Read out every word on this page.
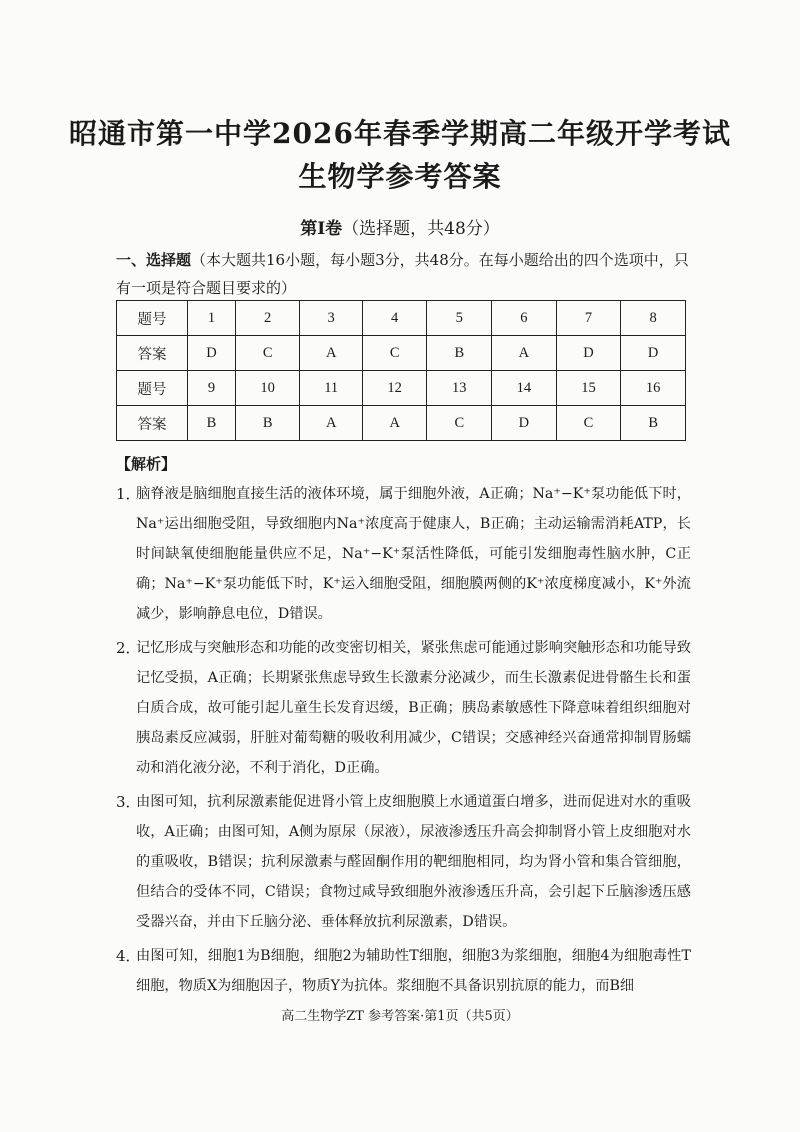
昭通市第一中学2026年春季学期高二年级开学考试
生物学参考答案
第Ⅰ卷（选择题，共48分）
一、选择题（本大题共16小题，每小题3分，共48分。在每小题给出的四个选项中，只有一项是符合题目要求的）
题号	1	2	3	4	5	6	7	8
答案	D	C	A	C	B	A	D	D
题号	9	10	11	12	13	14	15	16
答案	B	B	A	A	C	D	C	B
【解析】
1．
脑脊液是脑细胞直接生活的液体环境，属于细胞外液，A正确；Na⁺−K⁺泵功能低下时，Na⁺运出细胞受阻，导致细胞内Na⁺浓度高于健康人，B正确；主动运输需消耗ATP，长时间缺氧使细胞能量供应不足，Na⁺−K⁺泵活性降低，可能引发细胞毒性脑水肿，C正确；Na⁺−K⁺泵功能低下时，K⁺运入细胞受阻，细胞膜两侧的K⁺浓度梯度减小，K⁺外流减少，影响静息电位，D错误。
2．
记忆形成与突触形态和功能的改变密切相关，紧张焦虑可能通过影响突触形态和功能导致记忆受损，A正确；长期紧张焦虑导致生长激素分泌减少，而生长激素促进骨骼生长和蛋白质合成，故可能引起儿童生长发育迟缓，B正确；胰岛素敏感性下降意味着组织细胞对胰岛素反应减弱，肝脏对葡萄糖的吸收利用减少，C错误；交感神经兴奋通常抑制胃肠蠕动和消化液分泌，不利于消化，D正确。
3．
由图可知，抗利尿激素能促进肾小管上皮细胞膜上水通道蛋白增多，进而促进对水的重吸收，A正确；由图可知，A侧为原尿（尿液），尿液渗透压升高会抑制肾小管上皮细胞对水的重吸收，B错误；抗利尿激素与醛固酮作用的靶细胞相同，均为肾小管和集合管细胞，但结合的受体不同，C错误；食物过咸导致细胞外液渗透压升高，会引起下丘脑渗透压感受器兴奋，并由下丘脑分泌、垂体释放抗利尿激素，D错误。
4．
由图可知，细胞1为B细胞，细胞2为辅助性T细胞，细胞3为浆细胞，细胞4为细胞毒性T细胞，物质X为细胞因子，物质Y为抗体。浆细胞不具备识别抗原的能力，而B细
高二生物学ZT 参考答案·第1页（共5页）
